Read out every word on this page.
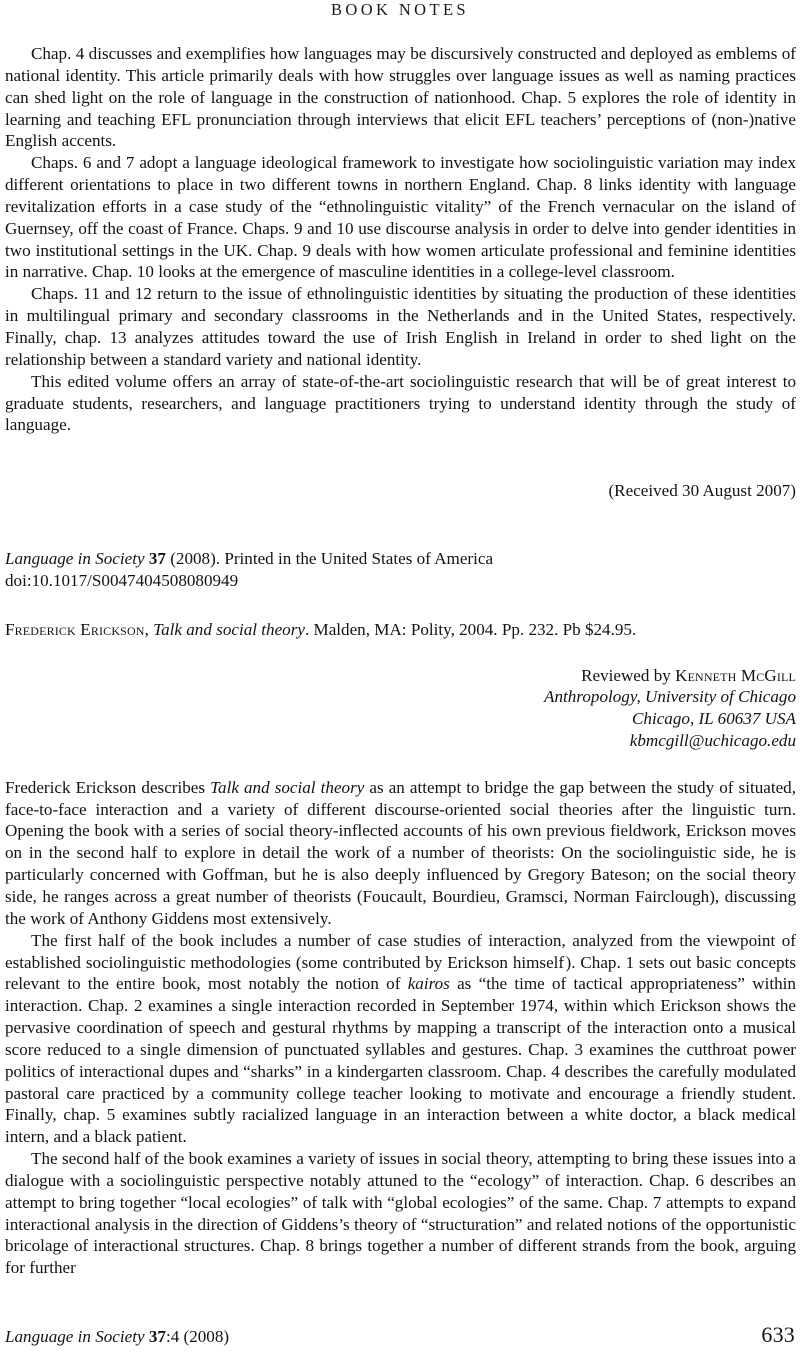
BOOK NOTES

Chap. 4 discusses and exemplifies how languages may be discursively constructed and deployed as emblems of national identity. This article primarily deals with how struggles over language issues as well as naming practices can shed light on the role of language in the construction of nationhood. Chap. 5 explores the role of identity in learning and teaching EFL pronunciation through interviews that elicit EFL teachers’ perceptions of (non-)native English accents.

Chaps. 6 and 7 adopt a language ideological framework to investigate how sociolinguistic variation may index different orientations to place in two different towns in northern England. Chap. 8 links identity with language revitalization efforts in a case study of the “ethnolinguistic vitality” of the French vernacular on the island of Guernsey, off the coast of France. Chaps. 9 and 10 use discourse analysis in order to delve into gender identities in two institutional settings in the UK. Chap. 9 deals with how women articulate professional and feminine identities in narrative. Chap. 10 looks at the emergence of masculine identities in a college-level classroom.

Chaps. 11 and 12 return to the issue of ethnolinguistic identities by situating the production of these identities in multilingual primary and secondary classrooms in the Netherlands and in the United States, respectively. Finally, chap. 13 analyzes attitudes toward the use of Irish English in Ireland in order to shed light on the relationship between a standard variety and national identity.

This edited volume offers an array of state-of-the-art sociolinguistic research that will be of great interest to graduate students, researchers, and language practitioners trying to understand identity through the study of language.

(Received 30 August 2007)

Language in Society 37 (2008). Printed in the United States of America

doi:10.1017/S0047404508080949

Frederick Erickson, Talk and social theory. Malden, MA: Polity, 2004. Pp. 232. Pb $24.95.

Reviewed by Kenneth McGill

Anthropology, University of Chicago

Chicago, IL 60637 USA

kbmcgill@uchicago.edu

Frederick Erickson describes Talk and social theory as an attempt to bridge the gap between the study of situated, face-to-face interaction and a variety of different discourse-oriented social theories after the linguistic turn. Opening the book with a series of social theory-inflected accounts of his own previous fieldwork, Erickson moves on in the second half to explore in detail the work of a number of theorists: On the sociolinguistic side, he is particularly concerned with Goffman, but he is also deeply influenced by Gregory Bateson; on the social theory side, he ranges across a great number of theorists (Foucault, Bourdieu, Gramsci, Norman Fairclough), discussing the work of Anthony Giddens most extensively.

The first half of the book includes a number of case studies of interaction, analyzed from the viewpoint of established sociolinguistic methodologies (some contributed by Erickson himself ). Chap. 1 sets out basic concepts relevant to the entire book, most notably the notion of kairos as “the time of tactical appropriateness” within interaction. Chap. 2 examines a single interaction recorded in September 1974, within which Erickson shows the pervasive coordination of speech and gestural rhythms by mapping a transcript of the interaction onto a musical score reduced to a single dimension of punctuated syllables and gestures. Chap. 3 examines the cutthroat power politics of interactional dupes and “sharks” in a kindergarten classroom. Chap. 4 describes the carefully modulated pastoral care practiced by a community college teacher looking to motivate and encourage a friendly student. Finally, chap. 5 examines subtly racialized language in an interaction between a white doctor, a black medical intern, and a black patient.

The second half of the book examines a variety of issues in social theory, attempting to bring these issues into a dialogue with a sociolinguistic perspective notably attuned to the “ecology” of interaction. Chap. 6 describes an attempt to bring together “local ecologies” of talk with “global ecologies” of the same. Chap. 7 attempts to expand interactional analysis in the direction of Giddens’s theory of “structuration” and related notions of the opportunistic bricolage of interactional structures. Chap. 8 brings together a number of different strands from the book, arguing for further

Language in Society 37:4 (2008)	633
